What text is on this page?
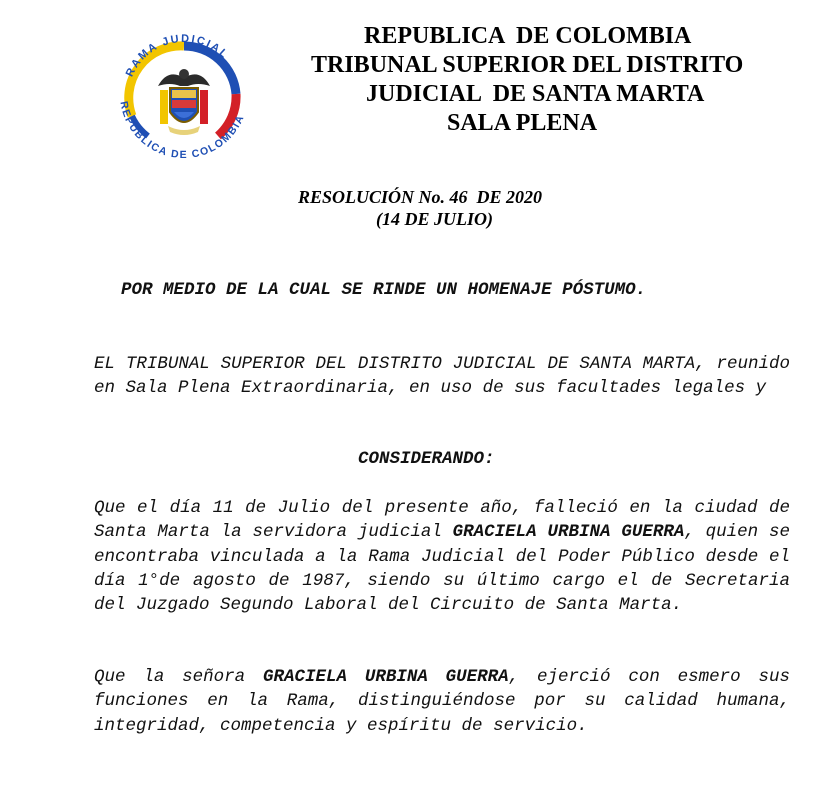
RAMA JUDICIAL
REPUBLICA DE COLOMBIA

REPUBLICA  DE COLOMBIA

TRIBUNAL SUPERIOR DEL DISTRITO

JUDICIAL  DE SANTA MARTA

SALA PLENA

RESOLUCIÓN No. 46  DE 2020

(14 DE JULIO)

POR MEDIO DE LA CUAL SE RINDE UN HOMENAJE PÓSTUMO.

EL TRIBUNAL SUPERIOR DEL DISTRITO JUDICIAL DE SANTA MARTA, reunido en Sala Plena Extraordinaria, en uso de sus facultades legales y

CONSIDERANDO:

Que el día 11 de Julio del presente año, falleció en la ciudad de Santa Marta la servidora judicial GRACIELA URBINA GUERRA, quien se encontraba vinculada a la Rama Judicial del Poder Público desde el día 1°de agosto de 1987, siendo su último cargo el de Secretaria del Juzgado Segundo Laboral del Circuito de Santa Marta.

Que la señora GRACIELA URBINA GUERRA, ejerció con esmero sus funciones en la Rama, distinguiéndose por su calidad humana, integridad, competencia y espíritu de servicio.
